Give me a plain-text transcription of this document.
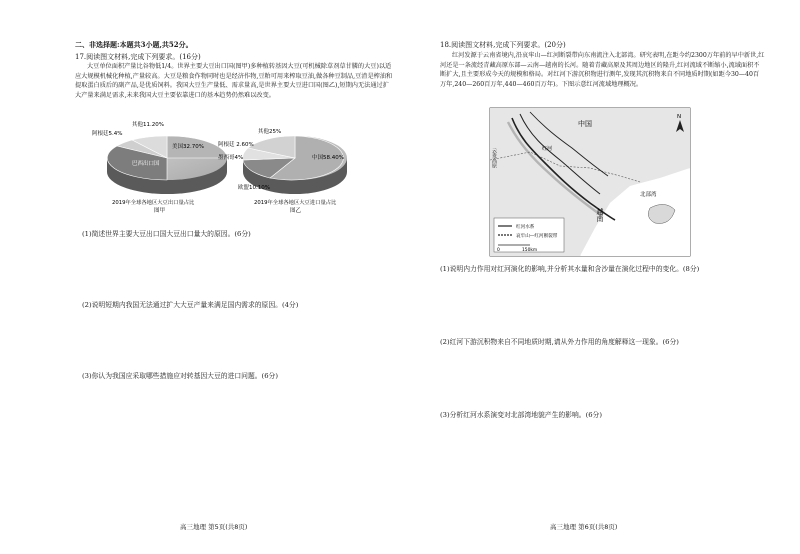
二、非选择题:本题共3小题,共52分。
17.阅读图文材料,完成下列要求。(16分)
大豆单位面积产量比谷物低1/4。世界主要大豆出口国(图甲)多种植转基因大豆(可机械除草剂草甘膦的大豆)以适应大规模机械化种植,产量较高。大豆是粮食作物同时也是经济作物,豆粕可用来榨取豆油,做各种豆制品,豆渣是榨油和提取蛋白质后的副产品,是优质饲料。我国大豆生产量低、需求量高,是世界主要大豆进口国(图乙),短期内无法通过扩大产量来满足需求,未来我国大豆主要依靠进口的基本趋势仍然难以改变。
美国32.70%
巴西出口国
阿根廷5.4%
其他11.20%
2019年全球各地区大豆出口量占比
图甲
中国58.40%
其他25%
阿根廷 2.60%
墨西哥4%
欧盟10.10%
2019年全球各地区大豆进口量占比
图乙
(1)简述世界主要大豆出口国大豆出口量大的原因。(6分)
(2)说明短期内我国无法通过扩大大豆产量来满足国内需求的原因。(4分)
(3)你认为我国应采取哪些措施应对转基因大豆的进口问题。(6分)
高三地理 第5页(共8页)
18.阅读图文材料,完成下列要求。(20分)
红河发源于云南省境内,沿哀牢山—红河断裂带向东南流注入北部湾。研究表明,在距今约2300万年前的早中新世,红河还是一条流经青藏高原东部—云南—越南的长河。随着青藏高原及其周边地区的隆升,红河流域不断缩小,流域面积不断扩大,且主要形成今天的规模和格局。对红河下游沉积物进行测年,发现其沉积物来自不同地质时期(如距今30—40百万年,240—260百万年,440—460百万年)。下图示意红河流域地理概况。
中国
云贵高原	红河
越南
北部湾
N
红河水系
哀牢山—红河断裂带
0	150km
(1)说明内力作用对红河演化的影响,并分析其水量和含沙量在演化过程中的变化。(8分)
(2)红河下游沉积物来自不同地质时期,请从外力作用的角度解释这一现象。(6分)
(3)分析红河水系演变对北部湾地貌产生的影响。(6分)
高三地理 第6页(共8页)
